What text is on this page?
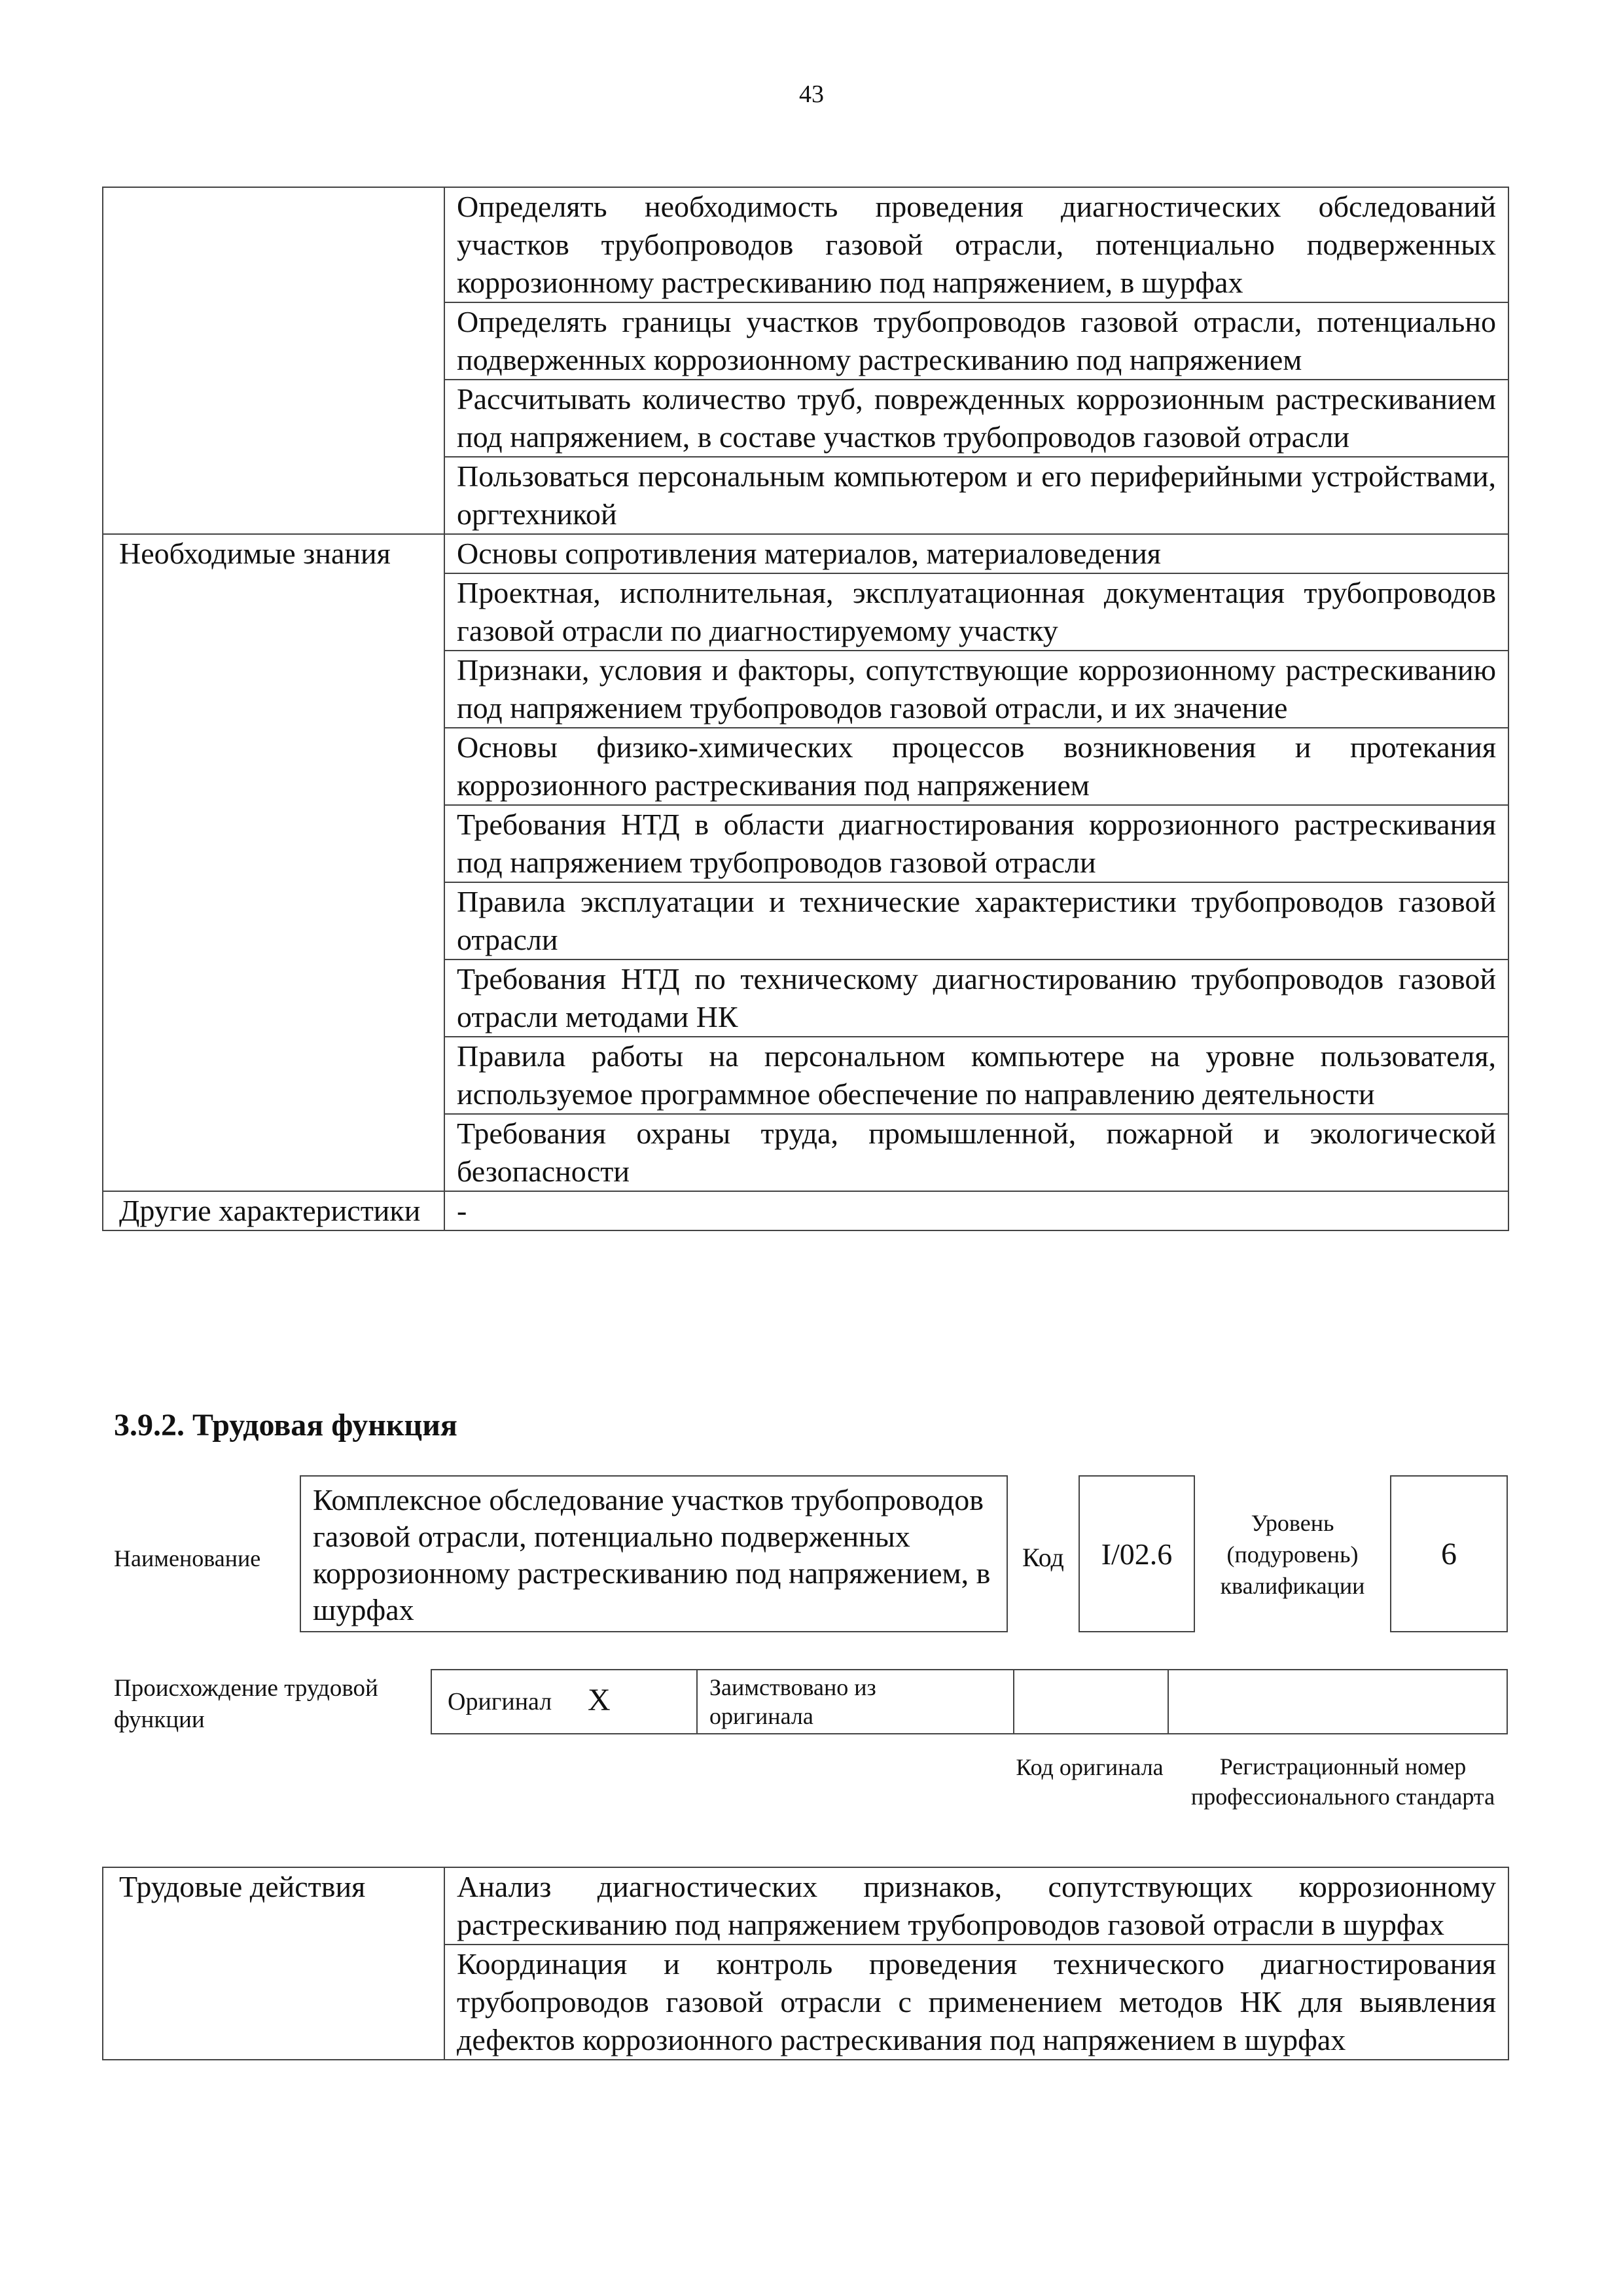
43
	Определять необходимость проведения диагностических обследований участков трубопроводов газовой отрасли, потенциально подверженных коррозионному растрескиванию под напряжением, в шурфах
	Определять границы участков трубопроводов газовой отрасли, потенциально подверженных коррозионному растрескиванию под напряжением
	Рассчитывать количество труб, поврежденных коррозионным растрескиванием под напряжением, в составе участков трубопроводов газовой отрасли
	Пользоваться персональным компьютером и его периферийными устройствами, оргтехникой
Необходимые знания	Основы сопротивления материалов, материаловедения
	Проектная, исполнительная, эксплуатационная документация трубопроводов газовой отрасли по диагностируемому участку
	Признаки, условия и факторы, сопутствующие коррозионному растрескиванию под напряжением трубопроводов газовой отрасли, и их значение
	Основы физико-химических процессов возникновения и протекания коррозионного растрескивания под напряжением
	Требования НТД в области диагностирования коррозионного растрескивания под напряжением трубопроводов газовой отрасли
	Правила эксплуатации и технические характеристики трубопроводов газовой отрасли
	Требования НТД по техническому диагностированию трубопроводов газовой отрасли методами НК
	Правила работы на персональном компьютере на уровне пользователя, используемое программное обеспечение по направлению деятельности
	Требования охраны труда, промышленной, пожарной и экологической безопасности
Другие характеристики	-
3.9.2. Трудовая функция
Наименование
Комплексное обследование участков трубопроводов газовой отрасли, потенциально подверженных коррозионному растрескиванию под напряжением, в шурфах
Код	I/02.6
Уровень (подуровень) квалификации
6
Происхождение трудовой функции
Оригинал X	Заимствовано из оригинала
Код оригинала	Регистрационный номер профессионального стандарта
Трудовые действия	Анализ диагностических признаков, сопутствующих коррозионному растрескиванию под напряжением трубопроводов газовой отрасли в шурфах
Координация и контроль проведения технического диагностирования трубопроводов газовой отрасли с применением методов НК для выявления дефектов коррозионного растрескивания под напряжением в шурфах
